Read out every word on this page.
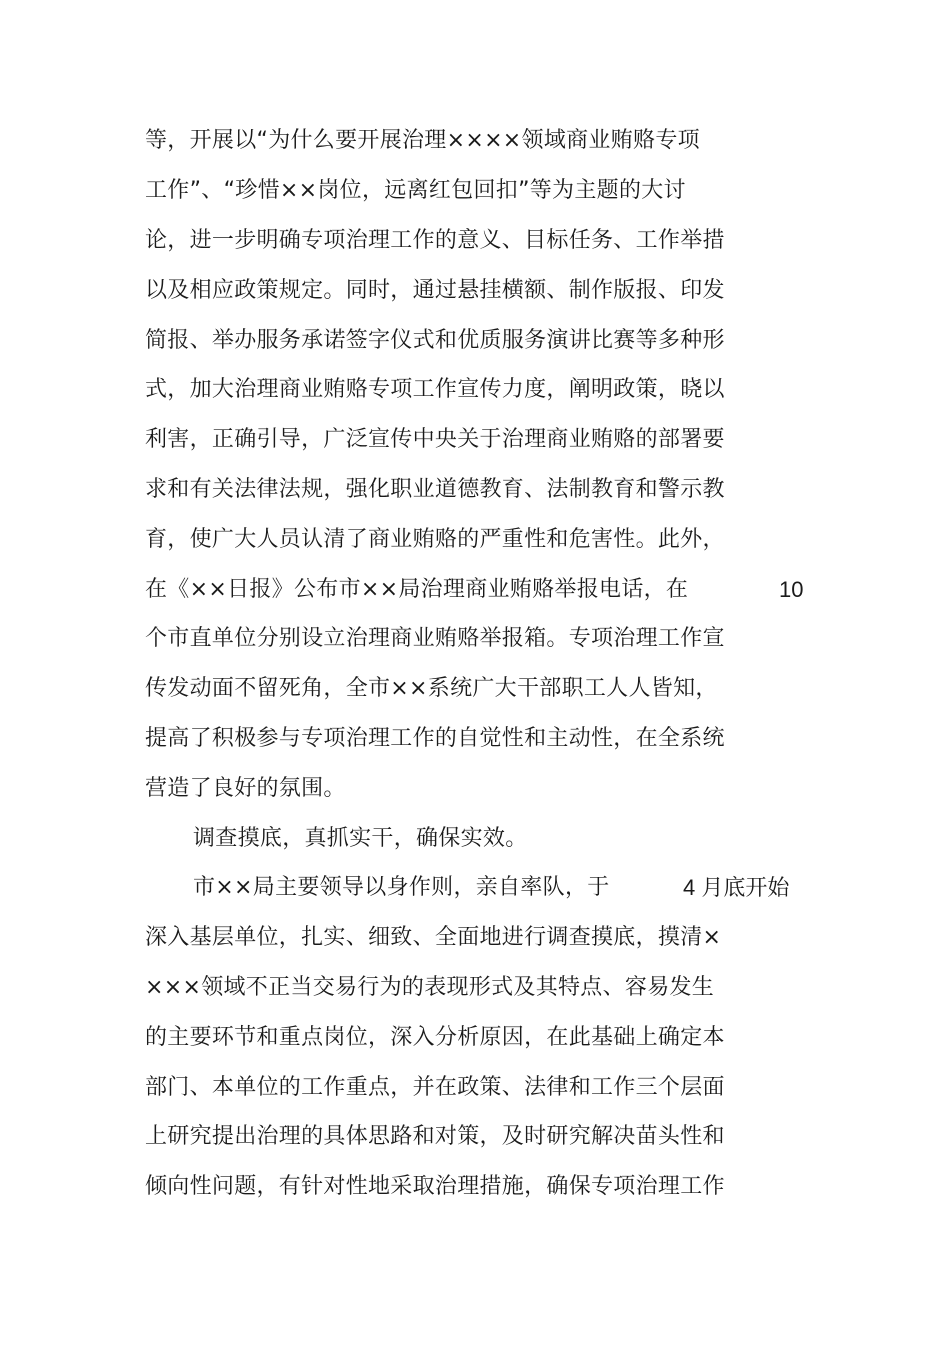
等，开展以“为什么要开展治理××××领域商业贿赂专项
工作”、“珍惜××岗位，远离红包回扣”等为主题的大讨
论，进一步明确专项治理工作的意义、目标任务、工作举措
以及相应政策规定。同时，通过悬挂横额、制作版报、印发
简报、举办服务承诺签字仪式和优质服务演讲比赛等多种形
式，加大治理商业贿赂专项工作宣传力度，阐明政策，晓以
利害，正确引导，广泛宣传中央关于治理商业贿赂的部署要
求和有关法律法规，强化职业道德教育、法制教育和警示教
育，使广大人员认清了商业贿赂的严重性和危害性。此外，
在《××日报》公布市××局治理商业贿赂举报电话，在	10
个市直单位分别设立治理商业贿赂举报箱。专项治理工作宣
传发动面不留死角，全市××系统广大干部职工人人皆知，
提高了积极参与专项治理工作的自觉性和主动性，在全系统
营造了良好的氛围。
调查摸底，真抓实干，确保实效。
市××局主要领导以身作则，亲自率队，于	4 月底开始
深入基层单位，扎实、细致、全面地进行调查摸底，摸清×
×××领域不正当交易行为的表现形式及其特点、容易发生
的主要环节和重点岗位，深入分析原因，在此基础上确定本
部门、本单位的工作重点，并在政策、法律和工作三个层面
上研究提出治理的具体思路和对策，及时研究解决苗头性和
倾向性问题，有针对性地采取治理措施，确保专项治理工作
